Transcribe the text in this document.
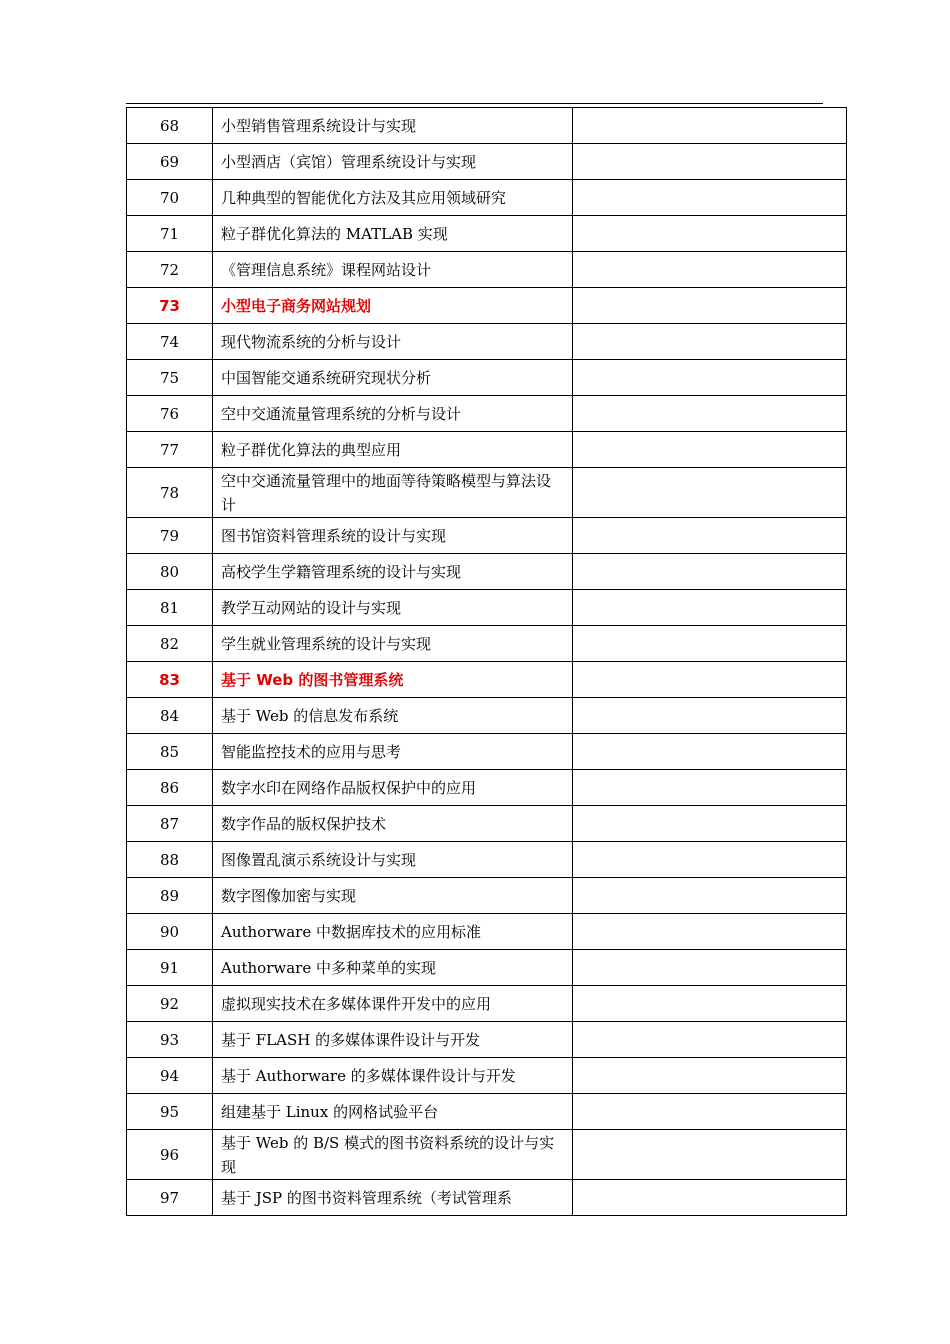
68	小型销售管理系统设计与实现	
69	小型酒店（宾馆）管理系统设计与实现	
70	几种典型的智能优化方法及其应用领域研究	
71	粒子群优化算法的 MATLAB 实现	
72	《管理信息系统》课程网站设计	
73	小型电子商务网站规划	
74	现代物流系统的分析与设计	
75	中国智能交通系统研究现状分析	
76	空中交通流量管理系统的分析与设计	
77	粒子群优化算法的典型应用	
78	空中交通流量管理中的地面等待策略模型与算法设计	
79	图书馆资料管理系统的设计与实现	
80	高校学生学籍管理系统的设计与实现	
81	教学互动网站的设计与实现	
82	学生就业管理系统的设计与实现	
83	基于 Web 的图书管理系统	
84	基于 Web 的信息发布系统	
85	智能监控技术的应用与思考	
86	数字水印在网络作品版权保护中的应用	
87	数字作品的版权保护技术	
88	图像置乱演示系统设计与实现	
89	数字图像加密与实现	
90	Authorware 中数据库技术的应用标准	
91	Authorware 中多种菜单的实现	
92	虚拟现实技术在多媒体课件开发中的应用	
93	基于 FLASH 的多媒体课件设计与开发	
94	基于 Authorware 的多媒体课件设计与开发	
95	组建基于 Linux 的网格试验平台	
96	基于 Web 的 B/S 模式的图书资料系统的设计与实现	
97	基于 JSP 的图书资料管理系统（考试管理系	
